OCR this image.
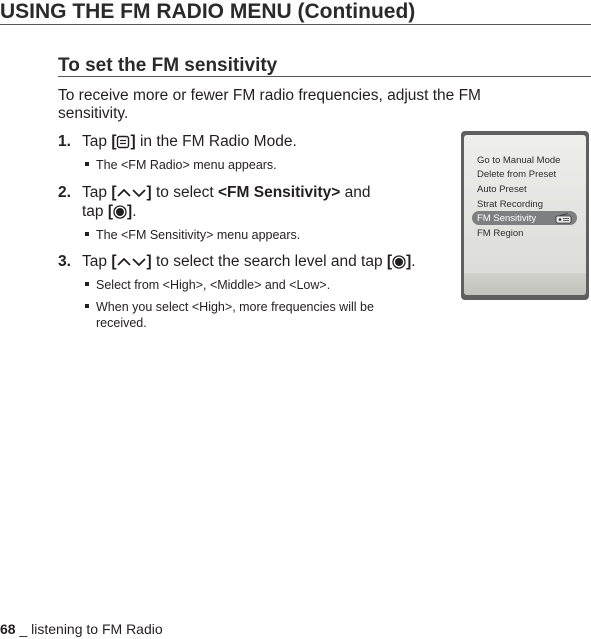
USING THE FM RADIO MENU (Continued)
To set the FM sensitivity
To receive more or fewer FM radio frequencies, adjust the FM sensitivity.
1. Tap [ ] in the FM Radio Mode.
The <FM Radio> menu appears.
2. Tap [ ] to select <FM Sensitivity> and
tap [ ].
The <FM Sensitivity> menu appears.
3. Tap [ ] to select the search level and tap [ ].
Select from <High>, <Middle> and <Low>.
When you select <High>, more frequencies will be
received.
Go to Manual Mode
Delete from Preset
Auto Preset
Strat Recording
FM Sensitivity
FM Region
68 _ listening to FM Radio
